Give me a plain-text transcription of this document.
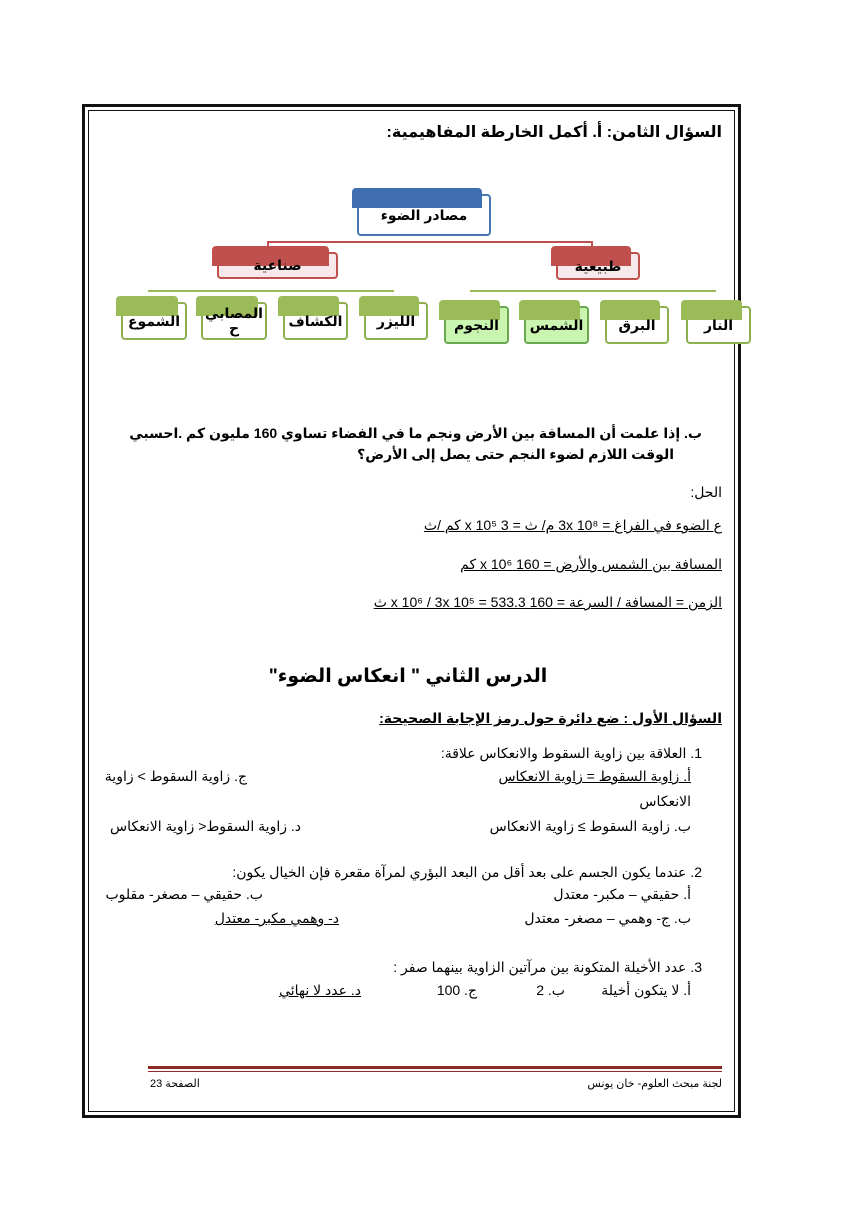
السؤال الثامن: أ. أكمل الخارطة المفاهيمية:
مصادر الضوء
صناعية	طبيعية
الليزر
الكشاف
المصابي
ح
الشموع	النار
البرق
الشمس
النجوم
ب. إذا علمت أن المسافة بين الأرض ونجم ما في الفضاء تساوي 160 مليون كم .احسبي
الوقت اللازم لضوء النجم حتى يصل إلى الأرض؟
الحل:
ع الضوء في الفراغ = 3x 10⁸ م/ ث = 3 x 10⁵ كم /ث
المسافة بين الشمس والأرض = 160 x 10⁶ كم
الزمن = المسافة / السرعة = 160 x 10⁶ / 3x 10⁵ = 533.3 ث
الدرس الثاني " انعكاس الضوء"
السؤال الأول : ضع دائرة حول رمز الإجابة الصحيحة:
1. العلاقة بين زاوية السقوط والانعكاس علاقة:
أ. زاوية السقوط = زاوية الانعكاس
ج. زاوية السقوط > زاوية
الانعكاس
ب. زاوية السقوط ≥ زاوية الانعكاس
د. زاوية السقوط< زاوية الانعكاس
2. عندما يكون الجسم على بعد أقل من البعد البؤري لمرآة مقعرة فإن الخيال يكون:
أ. حقيقي – مكبر- معتدل
ب. حقيقي – مصغر- مقلوب
ب. ج- وهمي – مصغر- معتدل
د- وهمي مكبر- معتدل
3. عدد الأخيلة المتكونة بين مرآتين الزاوية بينهما صفر :
أ. لا يتكون أخيلة
ب. 2
ج. 100
د. عدد لا نهائي
لجنة مبحث العلوم- خان يونس
الصفحة 23
